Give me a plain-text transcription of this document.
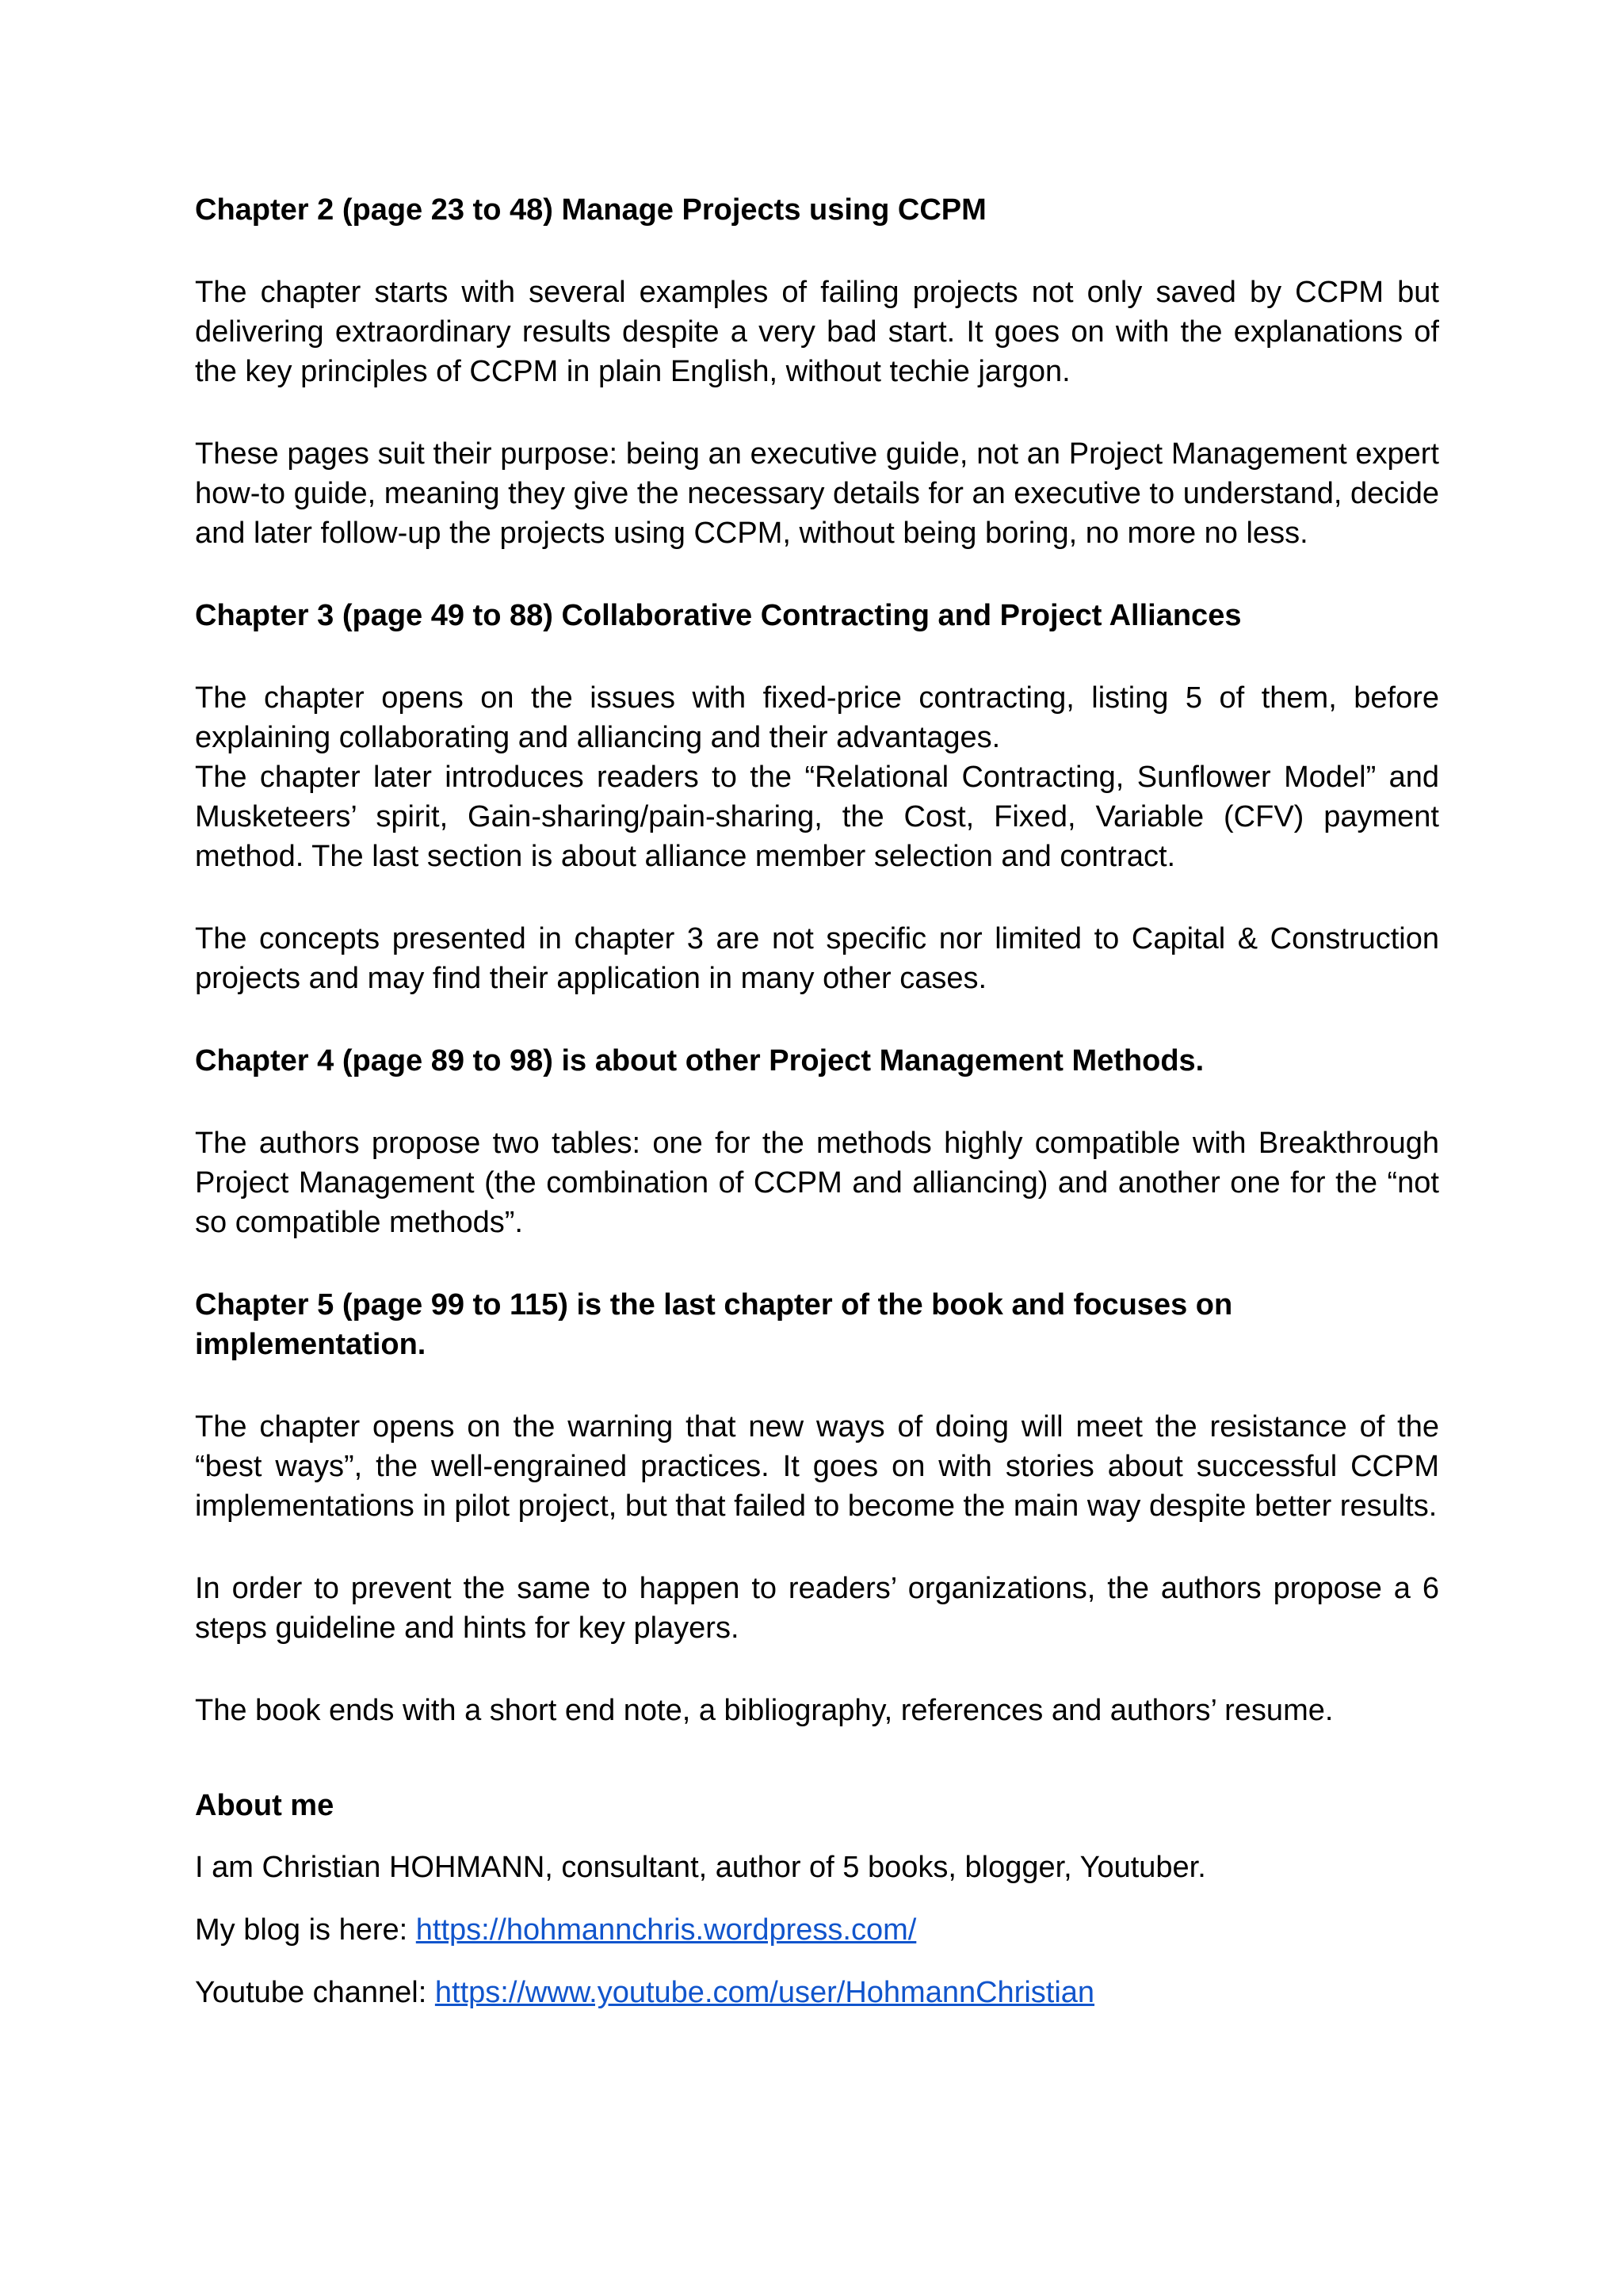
Chapter 2 (page 23 to 48) Manage Projects using CCPM

The chapter starts with several examples of failing projects not only saved by CCPM but delivering extraordinary results despite a very bad start. It goes on with the explanations of the key principles of CCPM in plain English, without techie jargon.

These pages suit their purpose: being an executive guide, not an Project Management expert how-to guide, meaning they give the necessary details for an executive to understand, decide and later follow-up the projects using CCPM, without being boring, no more no less.

Chapter 3 (page 49 to 88) Collaborative Contracting and Project Alliances

The chapter opens on the issues with fixed-price contracting, listing 5 of them, before explaining collaborating and alliancing and their advantages.

The chapter later introduces readers to the “Relational Contracting, Sunflower Model” and Musketeers’ spirit, Gain-sharing/pain-sharing, the Cost, Fixed, Variable (CFV) payment method. The last section is about alliance member selection and contract.

The concepts presented in chapter 3 are not specific nor limited to Capital & Construction projects and may find their application in many other cases.

Chapter 4 (page 89 to 98) is about other Project Management Methods.

The authors propose two tables: one for the methods highly compatible with Breakthrough Project Management (the combination of CCPM and alliancing) and another one for the “not so compatible methods”.

Chapter 5 (page 99 to 115) is the last chapter of the book and focuses on implementation.

The chapter opens on the warning that new ways of doing will meet the resistance of the “best ways”, the well-engrained practices. It goes on with stories about successful CCPM implementations in pilot project, but that failed to become the main way despite better results.

In order to prevent the same to happen to readers’ organizations, the authors propose a 6 steps guideline and hints for key players.

The book ends with a short end note, a bibliography, references and authors’ resume.

About me
I am Christian HOHMANN, consultant, author of 5 books, blogger, Youtuber.
My blog is here: https://hohmannchris.wordpress.com/
Youtube channel: https://www.youtube.com/user/HohmannChristian
